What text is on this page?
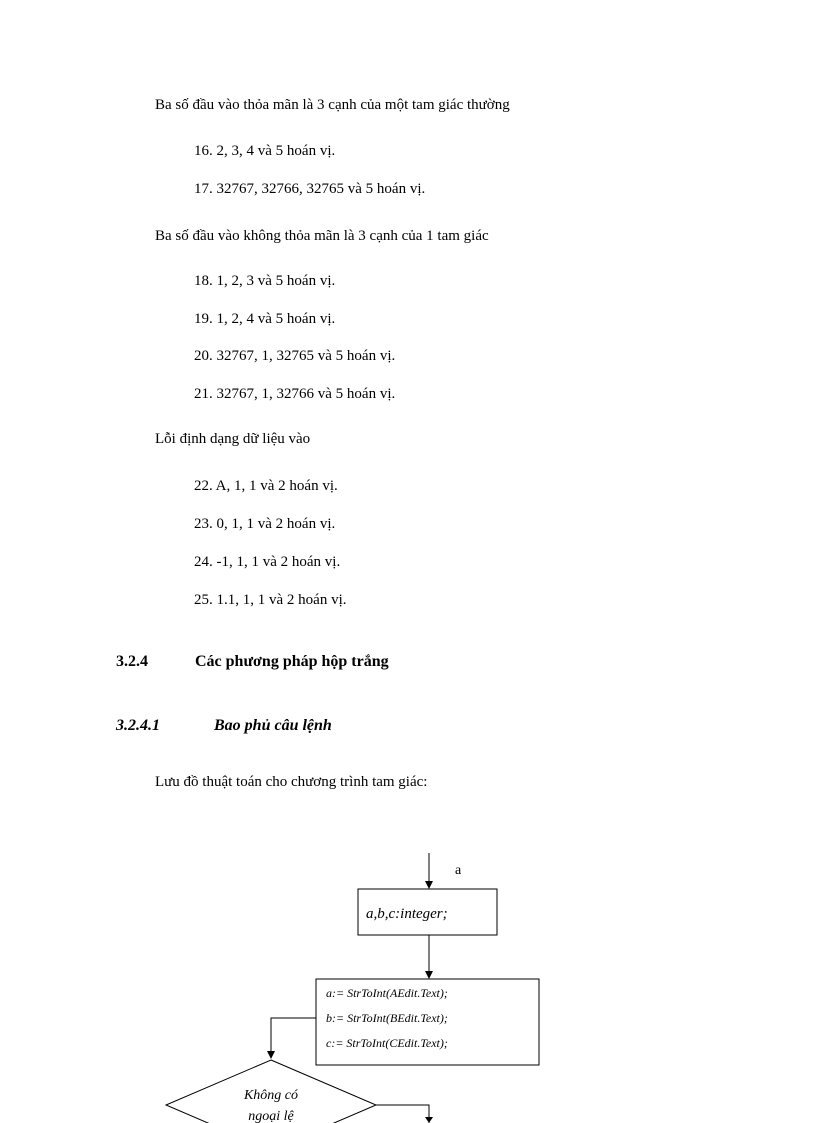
Ba số đầu vào thỏa mãn là 3 cạnh của một tam giác thường
16. 2, 3, 4 và 5 hoán vị.
17. 32767, 32766, 32765 và 5 hoán vị.
Ba số đầu vào không thỏa mãn là 3 cạnh của 1 tam giác
18. 1, 2, 3 và 5 hoán vị.
19. 1, 2, 4 và 5 hoán vị.
20. 32767, 1, 32765 và 5 hoán vị.
21. 32767, 1, 32766 và 5 hoán vị.
Lỗi định dạng dữ liệu vào
22. A, 1, 1 và 2 hoán vị.
23. 0, 1, 1 và 2 hoán vị.
24. -1, 1, 1 và 2 hoán vị.
25. 1.1, 1, 1 và 2 hoán vị.
3.2.4	Các phương pháp hộp trắng
3.2.4.1	Bao phủ câu lệnh
Lưu đồ thuật toán cho chương trình tam giác:
a
a,b,c:integer;
a:= StrToInt(AEdit.Text);
b:= StrToInt(BEdit.Text);
c:= StrToInt(CEdit.Text);
Không có
ngoại lệ
